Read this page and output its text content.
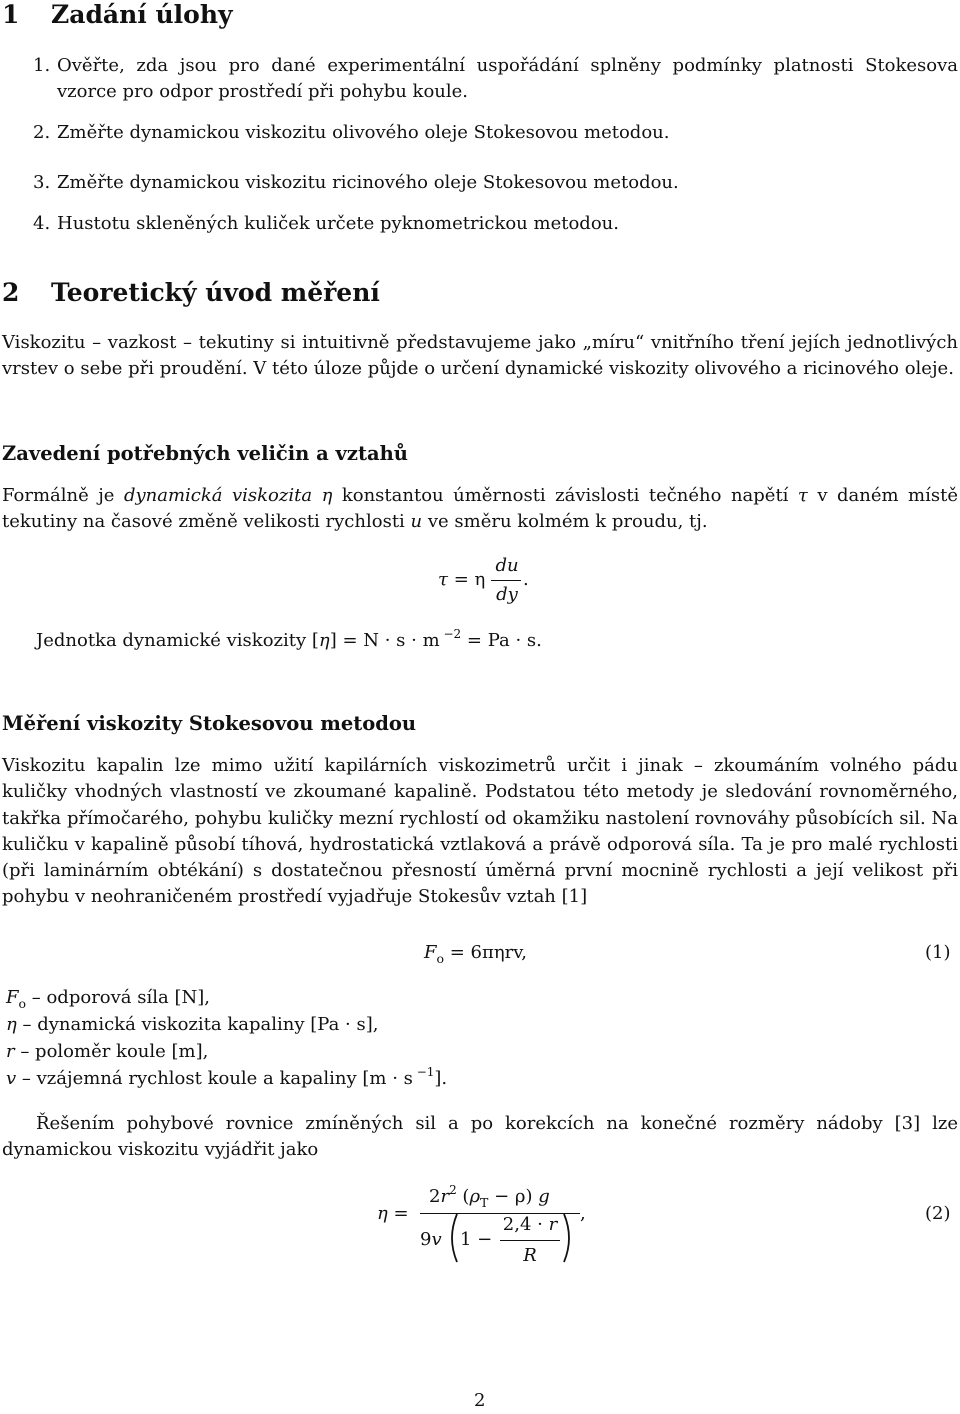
1 Zadání úlohy
1. Ověřte, zda jsou pro dané experimentální uspořádání splněny podmínky platnosti Stokesova vzorce pro odpor prostředí při pohybu koule.
2. Změřte dynamickou viskozitu olivového oleje Stokesovou metodou.
3. Změřte dynamickou viskozitu ricinového oleje Stokesovou metodou.
4. Hustotu skleněných kuliček určete pyknometrickou metodou.
2 Teoretický úvod měření
Viskozitu – vazkost – tekutiny si intuitivně představujeme jako „míru“ vnitřního tření jejích jednotlivých vrstev o sebe při proudění. V této úloze půjde o určení dynamické viskozity olivového a ricinového oleje.
Zavedení potřebných veličin a vztahů
Formálně je dynamická viskozita η konstantou úměrnosti závislosti tečného napětí τ v daném místě tekutiny na časové změně velikosti rychlosti u ve směru kolmém k proudu, tj.
τ = η
du
dy
.
Jednotka dynamické viskozity [η] = N · s · m $^{-2}$ = Pa · s.
Měření viskozity Stokesovou metodou
Viskozitu kapalin lze mimo užití kapilárních viskozimetrů určit i jinak – zkoumáním volného pádu kuličky vhodných vlastností ve zkoumané kapalině. Podstatou této metody je sledování rovnoměrného, takřka přímočarého, pohybu kuličky mezní rychlostí od okamžiku nastolení rovnováhy působících sil. Na kuličku v kapalině působí tíhová, hydrostatická vztlaková a právě odporová síla. Ta je pro malé rychlosti (při laminárním obtékání) s dostatečnou přesností úměrná první mocnině rychlosti a její velikost při pohybu v neohraničeném prostředí vyjadřuje Stokesův vztah [1]
$F_o = 6\pi\eta rv$,	(1)
$F_o$ – odporová síla [N],
η – dynamická viskozita kapaliny [Pa · s],
r – poloměr koule [m],
v – vzájemná rychlost koule a kapaliny [m · s $^{-1}$].
Řešením pohybové rovnice zmíněných sil a po korekcích na konečné rozměry nádoby [3] lze dynamickou viskozitu vyjádřit jako
η =
$2r^2$ $(\rho_T - \rho)$ g
9v 1 −
2,4 · r
R
,	(2)
2
